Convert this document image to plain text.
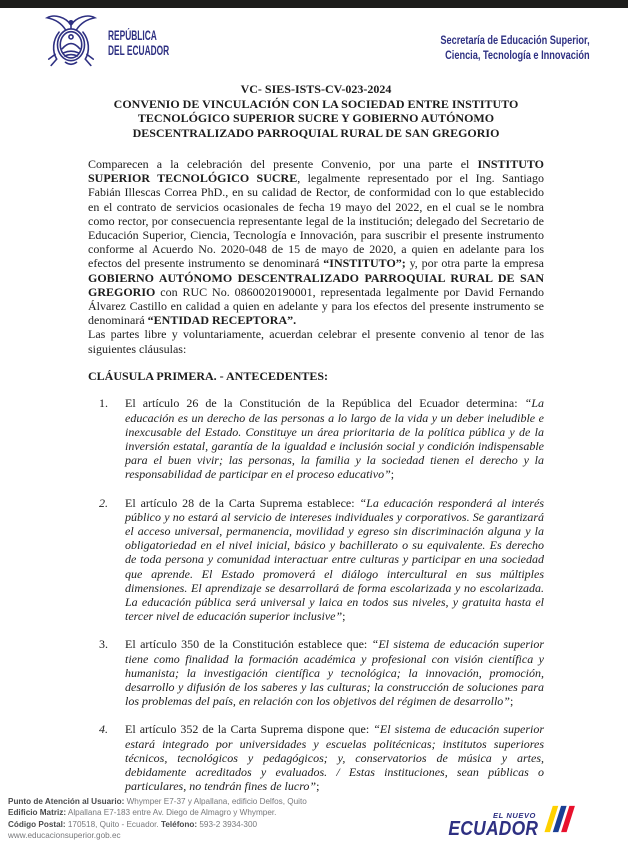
REPÚBLICA
DEL ECUADOR
Secretaría de Educación Superior,
Ciencia, Tecnología e Innovación
VC- SIES-ISTS-CV-023-2024
CONVENIO DE VINCULACIÓN CON LA SOCIEDAD ENTRE INSTITUTO
TECNOLÓGICO SUPERIOR SUCRE Y GOBIERNO AUTÓNOMO
DESCENTRALIZADO PARROQUIAL RURAL DE SAN GREGORIO

Comparecen a la celebración del presente Convenio, por una parte el INSTITUTO SUPERIOR TECNOLÓGICO SUCRE, legalmente representado por el Ing. Santiago Fabián Illescas Correa PhD., en su calidad de Rector, de conformidad con lo que establecido en el contrato de servicios ocasionales de fecha 19 mayo del 2022, en el cual se le nombra como rector, por consecuencia representante legal de la institución; delegado del Secretario de Educación Superior, Ciencia, Tecnología e Innovación, para suscribir el presente instrumento conforme al Acuerdo No. 2020-048 de 15 de mayo de 2020, a quien en adelante para los efectos del presente instrumento se denominará “INSTITUTO”; y, por otra parte la empresa GOBIERNO AUTÓNOMO DESCENTRALIZADO PARROQUIAL RURAL DE SAN GREGORIO con RUC No. 0860020190001, representada legalmente por David Fernando Álvarez Castillo en calidad a quien en adelante y para los efectos del presente instrumento se denominará “ENTIDAD RECEPTORA”.

Las partes libre y voluntariamente, acuerdan celebrar el presente convenio al tenor de las siguientes cláusulas:

CLÁUSULA PRIMERA. - ANTECEDENTES:

1.	El artículo 26 de la Constitución de la República del Ecuador determina: “La educación es un derecho de las personas a lo largo de la vida y un deber ineludible e inexcusable del Estado. Constituye un área prioritaria de la política pública y de la inversión estatal, garantía de la igualdad e inclusión social y condición indispensable para el buen vivir; las personas, la familia y la sociedad tienen el derecho y la responsabilidad de participar en el proceso educativo”;
2.	El artículo 28 de la Carta Suprema establece: “La educación responderá al interés público y no estará al servicio de intereses individuales y corporativos. Se garantizará el acceso universal, permanencia, movilidad y egreso sin discriminación alguna y la obligatoriedad en el nivel inicial, básico y bachillerato o su equivalente. Es derecho de toda persona y comunidad interactuar entre culturas y participar en una sociedad que aprende. El Estado promoverá el diálogo intercultural en sus múltiples dimensiones. El aprendizaje se desarrollará de forma escolarizada y no escolarizada. La educación pública será universal y laica en todos sus niveles, y gratuita hasta el tercer nivel de educación superior inclusive”;
3.	El artículo 350 de la Constitución establece que: “El sistema de educación superior tiene como finalidad la formación académica y profesional con visión científica y humanista; la investigación científica y tecnológica; la innovación, promoción, desarrollo y difusión de los saberes y las culturas; la construcción de soluciones para los problemas del país, en relación con los objetivos del régimen de desarrollo”;
4.	El artículo 352 de la Carta Suprema dispone que: “El sistema de educación superior estará integrado por universidades y escuelas politécnicas; institutos superiores técnicos, tecnológicos y pedagógicos; y, conservatorios de música y artes, debidamente acreditados y evaluados. / Estas instituciones, sean públicas o particulares, no tendrán fines de lucro”;
Punto de Atención al Usuario: Whymper E7-37 y Alpallana, edificio Delfos, Quito
Edificio Matriz: Alpallana E7-183 entre Av. Diego de Almagro y Whymper.
Código Postal: 170518, Quito - Ecuador. Teléfono: 593-2 3934-300
www.educacionsuperior.gob.ec
EL NUEVO
ECUADOR
